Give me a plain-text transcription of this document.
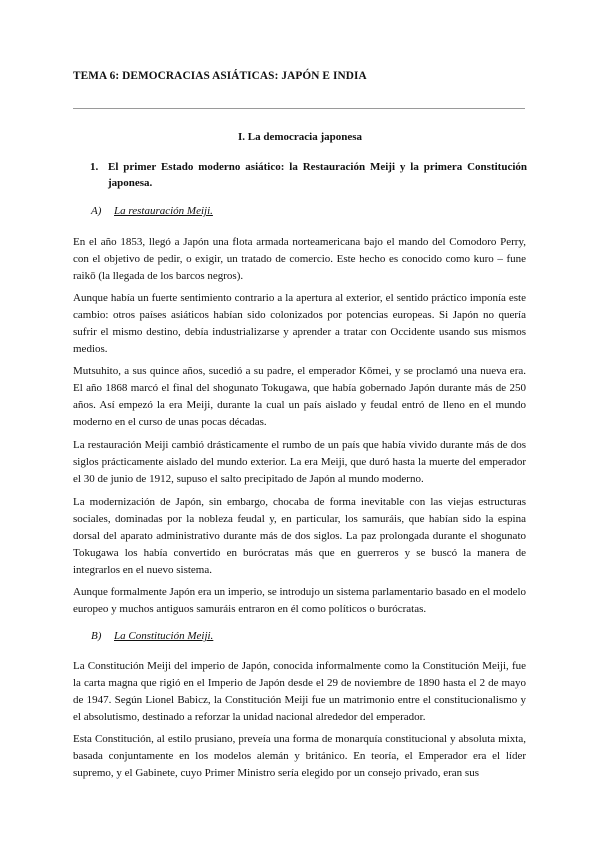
TEMA 6: DEMOCRACIAS ASIÁTICAS: JAPÓN E INDIA
I. La democracia japonesa
1. El primer Estado moderno asiático: la Restauración Meiji y la primera Constitución japonesa.
A) La restauración Meiji.

En el año 1853, llegó a Japón una flota armada norteamericana bajo el mando del Comodoro Perry, con el objetivo de pedir, o exigir, un tratado de comercio. Este hecho es conocido como kuro – fune raikō (la llegada de los barcos negros).

Aunque había un fuerte sentimiento contrario a la apertura al exterior, el sentido práctico imponía este cambio: otros países asiáticos habían sido colonizados por potencias europeas. Si Japón no quería sufrir el mismo destino, debía industrializarse y aprender a tratar con Occidente usando sus mismos medios.

Mutsuhito, a sus quince años, sucedió a su padre, el emperador Kōmei, y se proclamó una nueva era. El año 1868 marcó el final del shogunato Tokugawa, que había gobernado Japón durante más de 250 años. Así empezó la era Meiji, durante la cual un país aislado y feudal entró de lleno en el mundo moderno en el curso de unas pocas décadas.

La restauración Meiji cambió drásticamente el rumbo de un país que había vivido durante más de dos siglos prácticamente aislado del mundo exterior. La era Meiji, que duró hasta la muerte del emperador el 30 de junio de 1912, supuso el salto precipitado de Japón al mundo moderno.

La modernización de Japón, sin embargo, chocaba de forma inevitable con las viejas estructuras sociales, dominadas por la nobleza feudal y, en particular, los samuráis, que habían sido la espina dorsal del aparato administrativo durante más de dos siglos. La paz prolongada durante el shogunato Tokugawa los había convertido en burócratas más que en guerreros y se buscó la manera de integrarlos en el nuevo sistema.

Aunque formalmente Japón era un imperio, se introdujo un sistema parlamentario basado en el modelo europeo y muchos antiguos samuráis entraron en él como políticos o burócratas.

B) La Constitución Meiji.

La Constitución Meiji del imperio de Japón, conocida informalmente como la Constitución Meiji, fue la carta magna que rigió en el Imperio de Japón desde el 29 de noviembre de 1890 hasta el 2 de mayo de 1947. Según Lionel Babicz, la Constitución Meiji fue un matrimonio entre el constitucionalismo y el absolutismo, destinado a reforzar la unidad nacional alrededor del emperador.

Esta Constitución, al estilo prusiano, preveía una forma de monarquía constitucional y absoluta mixta, basada conjuntamente en los modelos alemán y británico. En teoría, el Emperador era el líder supremo, y el Gabinete, cuyo Primer Ministro sería elegido por un consejo privado, eran sus
